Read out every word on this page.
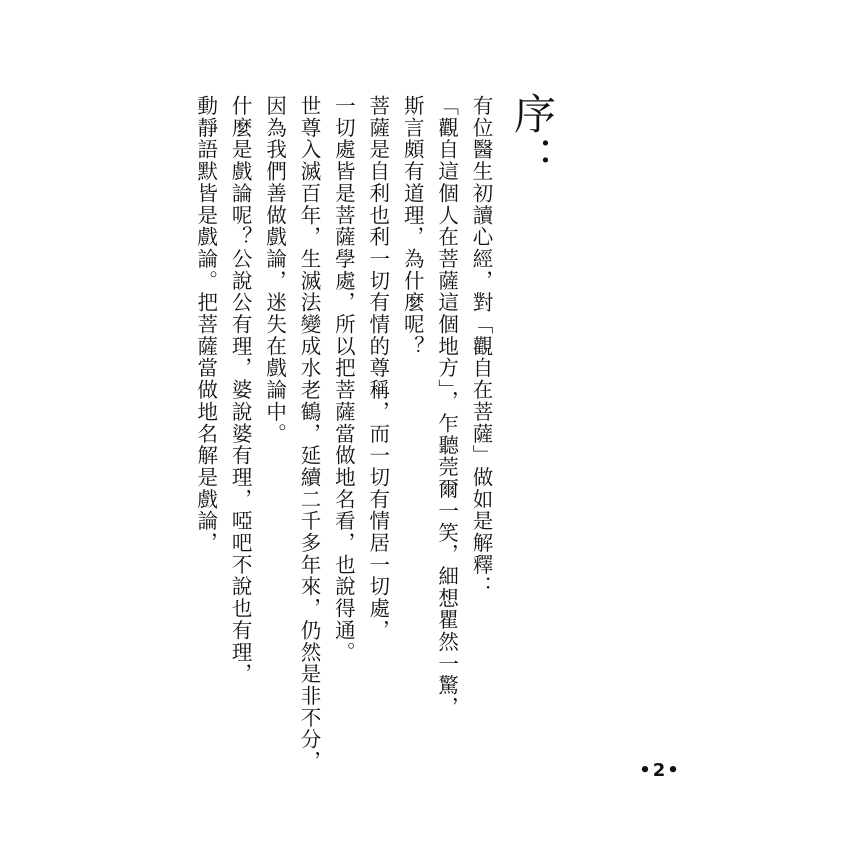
序：
有位醫生初讀心經，對「觀自在菩薩」做如是解釋：
「觀自這個人在菩薩這個地方」，乍聽莞爾一笑，細想瞿然一驚，
斯言頗有道理，為什麼呢？
菩薩是自利也利一切有情的尊稱，而一切有情居一切處，
一切處皆是菩薩學處，所以把菩薩當做地名看，也說得通。
世尊入滅百年，生滅法變成水老鶴，延續二千多年來，仍然是非不分，
因為我們善做戲論，迷失在戲論中。
什麼是戲論呢？公說公有理，婆說婆有理，啞吧不說也有理，
動靜語默皆是戲論。把菩薩當做地名解是戲論，
•2•
